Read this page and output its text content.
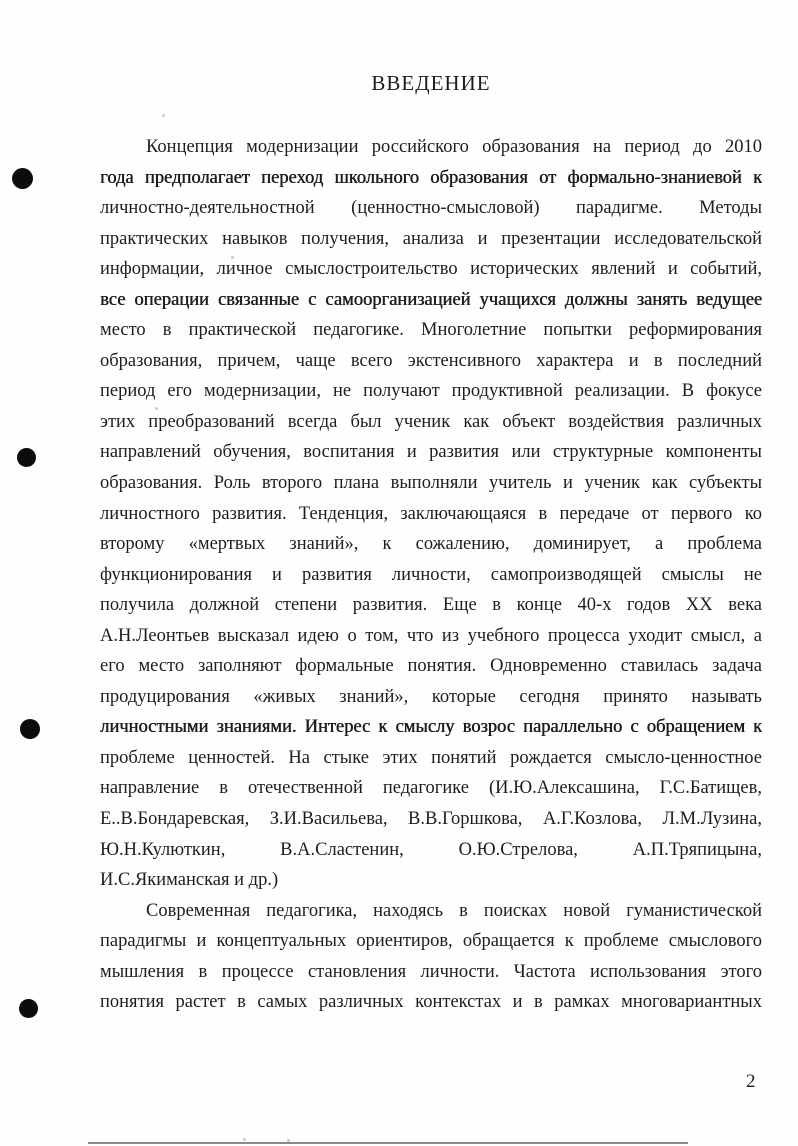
ВВЕДЕНИЕ
Концепция модернизации российского образования на период до 2010
года предполагает переход школьного образования от формально-знаниевой к
личностно-деятельностной (ценностно-смысловой) парадигме. Методы
практических навыков получения, анализа и презентации исследовательской
информации, личное смыслостроительство исторических явлений и событий,
все операции связанные с самоорганизацией учащихся должны занять ведущее
место в практической педагогике. Многолетние попытки реформирования
образования, причем, чаще всего экстенсивного характера и в последний
период его модернизации, не получают продуктивной реализации. В фокусе
этих преобразований всегда был ученик как объект воздействия различных
направлений обучения, воспитания и развития или структурные компоненты
образования. Роль второго плана выполняли учитель и ученик как субъекты
личностного развития. Тенденция, заключающаяся в передаче от первого ко
второму «мертвых знаний», к сожалению, доминирует, а проблема
функционирования и развития личности, самопроизводящей смыслы не
получила должной степени развития. Еще в конце 40-х годов XX века
А.Н.Леонтьев высказал идею о том, что из учебного процесса уходит смысл, а
его место заполняют формальные понятия. Одновременно ставилась задача
продуцирования «живых знаний», которые сегодня принято называть
личностными знаниями. Интерес к смыслу возрос параллельно с обращением к
проблеме ценностей. На стыке этих понятий рождается смысло-ценностное
направление в отечественной педагогике (И.Ю.Алексашина, Г.С.Батищев,
Е..В.Бондаревская, З.И.Васильева, В.В.Горшкова, А.Г.Козлова, Л.М.Лузина,
Ю.Н.Кулюткин, В.А.Сластенин, О.Ю.Стрелова, А.П.Тряпицына,
И.С.Якиманская и др.)
Современная педагогика, находясь в поисках новой гуманистической
парадигмы и концептуальных ориентиров, обращается к проблеме смыслового
мышления в процессе становления личности. Частота использования этого
понятия растет в самых различных контекстах и в рамках многовариантных
2
